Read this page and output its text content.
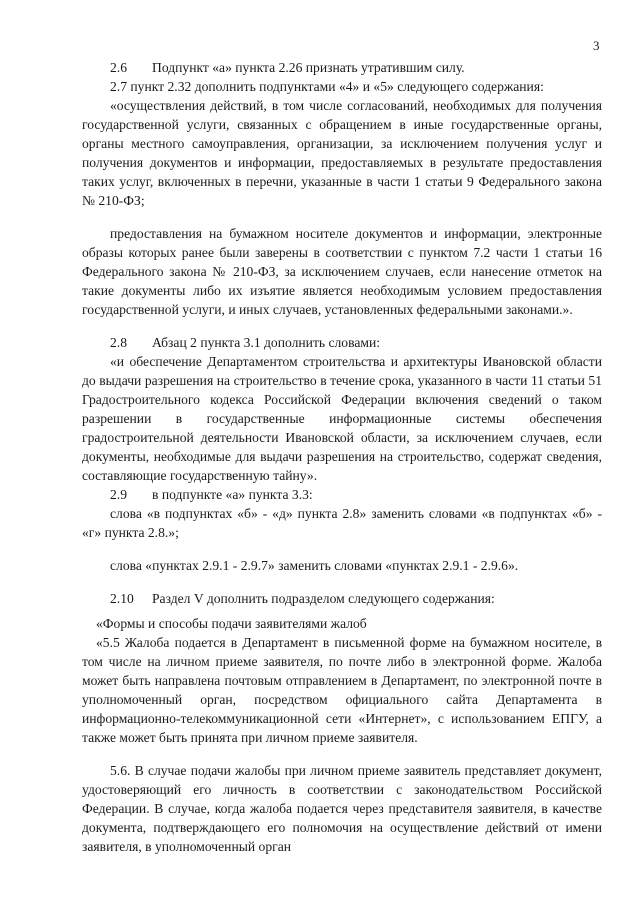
3

2.6 Подпункт «а» пункта 2.26 признать утратившим силу.

2.7 пункт 2.32 дополнить подпунктами «4» и «5» следующего содержания:

«осуществления действий, в том числе согласований, необходимых для получения государственной услуги, связанных с обращением в иные государственные органы, органы местного самоуправления, организации, за исключением получения услуг и получения документов и информации, предоставляемых в результате предоставления таких услуг, включенных в перечни, указанные в части 1 статьи 9 Федерального закона № 210-ФЗ;

предоставления на бумажном носителе документов и информации, электронные образы которых ранее были заверены в соответствии с пунктом 7.2 части 1 статьи 16 Федерального закона № 210-ФЗ, за исключением случаев, если нанесение отметок на такие документы либо их изъятие является необходимым условием предоставления государственной услуги, и иных случаев, установленных федеральными законами.».

2.8 Абзац 2 пункта 3.1 дополнить словами:

«и обеспечение Департаментом строительства и архитектуры Ивановской области до выдачи разрешения на строительство в течение срока, указанного в части 11 статьи 51 Градостроительного кодекса Российской Федерации включения сведений о таком разрешении в государственные информационные системы обеспечения градостроительной деятельности Ивановской области, за исключением случаев, если документы, необходимые для выдачи разрешения на строительство, содержат сведения, составляющие государственную тайну».

2.9 в подпункте «а» пункта 3.3:

слова «в подпунктах «б» - «д» пункта 2.8» заменить словами «в подпунктах «б» - «г» пункта 2.8.»;

слова «пунктах 2.9.1 - 2.9.7» заменить словами «пунктах 2.9.1 - 2.9.6».

2.10 Раздел V дополнить подразделом следующего содержания:

«Формы и способы подачи заявителями жалоб

«5.5 Жалоба подается в Департамент в письменной форме на бумажном носителе, в том числе на личном приеме заявителя, по почте либо в электронной форме. Жалоба может быть направлена почтовым отправлением в Департамент, по электронной почте в уполномоченный орган, посредством официального сайта Департамента в информационно-телекоммуникационной сети «Интернет», с использованием ЕПГУ, а также может быть принята при личном приеме заявителя.

5.6. В случае подачи жалобы при личном приеме заявитель представляет документ, удостоверяющий его личность в соответствии с законодательством Российской Федерации. В случае, когда жалоба подается через представителя заявителя, в качестве документа, подтверждающего его полномочия на осуществление действий от имени заявителя, в уполномоченный орган
